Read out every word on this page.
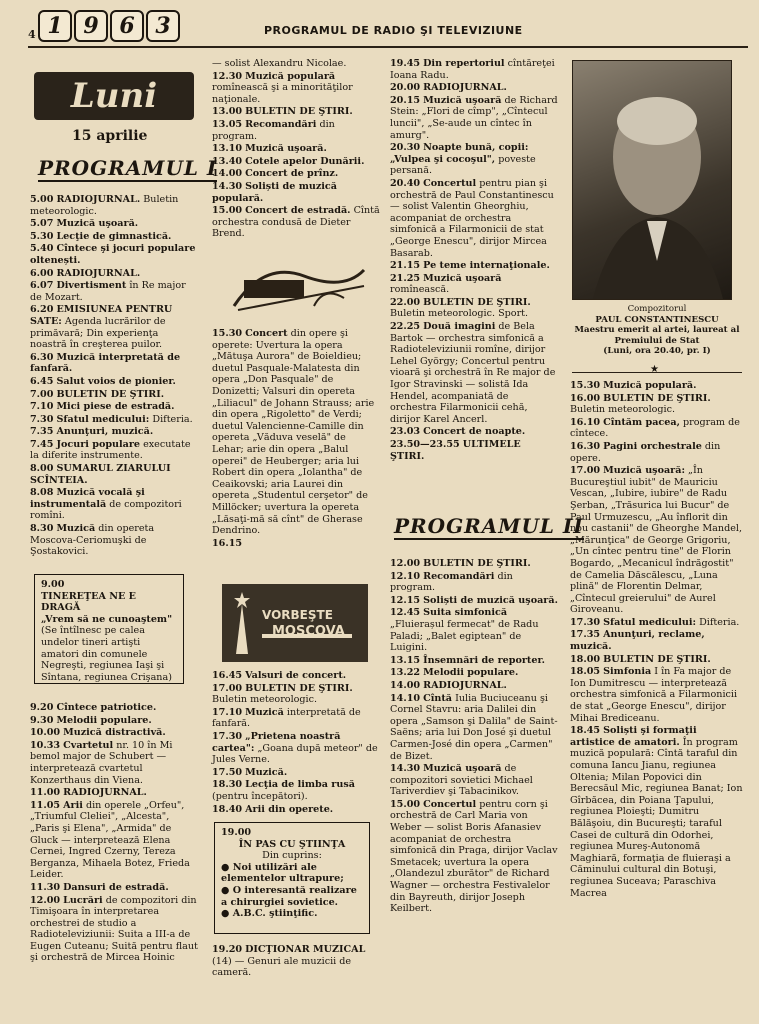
4 1 9 6 3	PROGRAMUL DE RADIO ŞI TELEVIZIUNE
Luni
15 aprilie
PROGRAMUL I

5.00 RADIOJURNAL. Buletin meteorologic.

5.07 Muzică uşoară.

5.30 Lecţie de gimnastică.

5.40 Cîntece şi jocuri populare oltenești.

6.00 RADIOJURNAL.

6.07 Divertisment în Re major de Mozart.

6.20 EMISIUNEA PENTRU SATE: Agenda lucrărilor de primăvară; Din experienţa noastră în creşterea puilor.

6.30 Muzică interpretată de fanfară.

6.45 Salut voios de pionier.

7.00 BULETIN DE ŞTIRI.

7.10 Mici piese de estradă.

7.30 Sfatul medicului: Difteria.

7.35 Anunţuri, muzică.

7.45 Jocuri populare executate la diferite instrumente.

8.00 SUMARUL ZIARULUI SCÎNTEIA.

8.08 Muzică vocală şi instrumentală de compozitori romîni.

8.30 Muzică din opereta Moscova-Ceriomuşki de Şostakovici.

9.00
TINEREŢEA NE E DRAGĂ
„Vrem să ne cunoaştem"
(Se întîlnesc pe calea undelor tineri artişti amatori din comunele Negreşti, regiunea Iaşi şi Sîntana, regiunea Crişana)

9.20 Cîntece patriotice.

9.30 Melodii populare.

10.00 Muzică distractivă.

10.33 Cvartetul nr. 10 în Mi bemol major de Schubert — interpretează cvartetul Konzerthaus din Viena.

11.00 RADIOJURNAL.

11.05 Arii din operele „Orfeu", „Triumful Cleliei", „Alcesta", „Paris şi Elena", „Armida" de Gluck — interpretează Elena Cernei, Ingred Czerny, Tereza Berganza, Mihaela Botez, Frieda Leider.

11.30 Dansuri de estradă.

12.00 Lucrări de compozitori din Timişoara în interpretarea orchestrei de studio a Radioteleviziunii: Suita a III-a de Eugen Cuteanu; Suită pentru flaut şi orchestră de Mircea Hoinic

— solist Alexandru Nicolae.

12.30 Muzică populară romînească şi a minorităţilor naţionale.

13.00 BULETIN DE ŞTIRI.

13.05 Recomandări din program.

13.10 Muzică uşoară.

13.40 Cotele apelor Dunării.

14.00 Concert de prînz.

14.30 Soliști de muzică populară.

15.00 Concert de estradă. Cîntă orchestra condusă de Dieter Brend.

15.30 Concert din opere şi operete: Uvertura la opera „Mătuşa Aurora" de Boieldieu; duetul Pasquale-Malatesta din opera „Don Pasquale" de Donizetti; Valsuri din opereta „Liliacul" de Johann Strauss; arie din opera „Rigoletto" de Verdi; duetul Valencienne-Camille din opereta „Văduva veselă" de Lehar; arie din opera „Balul operei" de Heuberger; aria lui Robert din opera „Iolantha" de Ceaikovski; aria Laurei din opereta „Studentul cerşetor" de Millöcker; uvertura la opereta „Lăsaţi-mă să cînt" de Gherase Dendrino.

16.15

VORBEŞTE
MOSCOVA

16.45 Valsuri de concert.

17.00 BULETIN DE ŞTIRI. Buletin meteorologic.

17.10 Muzică interpretată de fanfară.

17.30 „Prietena noastră cartea": „Goana după meteor" de Jules Verne.

17.50 Muzică.

18.30 Lecţia de limba rusă (pentru începători).

18.40 Arii din operete.

19.00
ÎN PAS CU ŞTIINŢA
Din cuprins:
● Noi utilizări ale elementelor ultrapure;
● O interesantă realizare a chirurgiei sovietice.
● A.B.C. ştiinţific.

19.20 DICŢIONAR MUZICAL (14) — Genuri ale muzicii de cameră.

19.45 Din repertoriul cîntăreţei Ioana Radu.

20.00 RADIOJURNAL.

20.15 Muzică uşoară de Richard Stein: „Flori de cîmp", „Cîntecul luncii", „Se-aude un cîntec în amurg".

20.30 Noapte bună, copii: „Vulpea şi cocoşul", poveste persană.

20.40 Concertul pentru pian şi orchestră de Paul Constantinescu — solist Valentin Gheorghiu, acompaniat de orchestra simfonică a Filarmonicii de stat „George Enescu", dirijor Mircea Basarab.

21.15 Pe teme internaţionale.

21.25 Muzică uşoară romînească.

22.00 BULETIN DE ŞTIRI. Buletin meteorologic. Sport.

22.25 Două imagini de Bela Bartok — orchestra simfonică a Radioteleviziunii romîne, dirijor Lehel György; Concertul pentru vioară şi orchestră în Re major de Igor Stravinski — solistă Ida Hendel, acompaniată de orchestra Filarmonicii cehă, dirijor Karel Ancerl.

23.03 Concert de noapte.

23.50—23.55 ULTIMELE ŞTIRI.

PROGRAMUL II

12.00 BULETIN DE ŞTIRI.

12.10 Recomandări din program.

12.15 Soliști de muzică uşoară.

12.45 Suita simfonică „Fluierașul fermecat" de Radu Paladi; „Balet egiptean" de Luigini.

13.15 Însemnări de reporter.

13.22 Melodii populare.

14.00 RADIOJURNAL.

14.10 Cîntă Iulia Buciuceanu şi Cornel Stavru: aria Dalilei din opera „Samson şi Dalila" de Saint-Saëns; aria lui Don José şi duetul Carmen-José din opera „Carmen" de Bizet.

14.30 Muzică uşoară de compozitori sovietici Michael Tariverdiev şi Tabacinikov.

15.00 Concertul pentru corn şi orchestră de Carl Maria von Weber — solist Boris Afanasiev acompaniat de orchestra simfonică din Praga, dirijor Vaclav Smetacek; uvertura la opera „Olandezul zburător" de Richard Wagner — orchestra Festivalelor din Bayreuth, dirijor Joseph Keilbert.

Compozitorul
PAUL CONSTANTINESCU
Maestru emerit al artei, laureat al Premiului de Stat
(Luni, ora 20.40, pr. I)
★

15.30 Muzică populară.

16.00 BULETIN DE ŞTIRI. Buletin meteorologic.

16.10 Cîntăm pacea, program de cîntece.

16.30 Pagini orchestrale din opere.

17.00 Muzică uşoară: „În Bucureştiul iubit" de Mauriciu Vescan, „Iubire, iubire" de Radu Şerban, „Trăsurica lui Bucur" de Paul Urmuzescu, „Au înflorit din nou castanii" de Gheorghe Mandel, „Mărunţica" de George Grigoriu, „Un cîntec pentru tine" de Florin Bogardo, „Mecanicul îndrăgostit" de Camelia Dăscălescu, „Luna plină" de Florentin Delmar, „Cîntecul greierului" de Aurel Giroveanu.

17.30 Sfatul medicului: Difteria.

17.35 Anunţuri, reclame, muzică.

18.00 BULETIN DE ŞTIRI.

18.05 Simfonia I în Fa major de Ion Dumitrescu — interpretează orchestra simfonică a Filarmonicii de stat „George Enescu", dirijor Mihai Brediceanu.

18.45 Soliști şi formaţii artistice de amatori. În program muzică populară: Cîntă taraful din comuna Iancu Jianu, regiunea Oltenia; Milan Popovici din Berecsăul Mic, regiunea Banat; Ion Gîrbăcea, din Poiana Ţapului, regiunea Ploieşti; Dumitru Bălăşoiu, din Bucureşti; taraful Casei de cultură din Odorhei, regiunea Mureş-Autonomă Maghiară, formaţia de fluieraşi a Căminului cultural din Botuşi, regiunea Suceava; Paraschiva Macrea
